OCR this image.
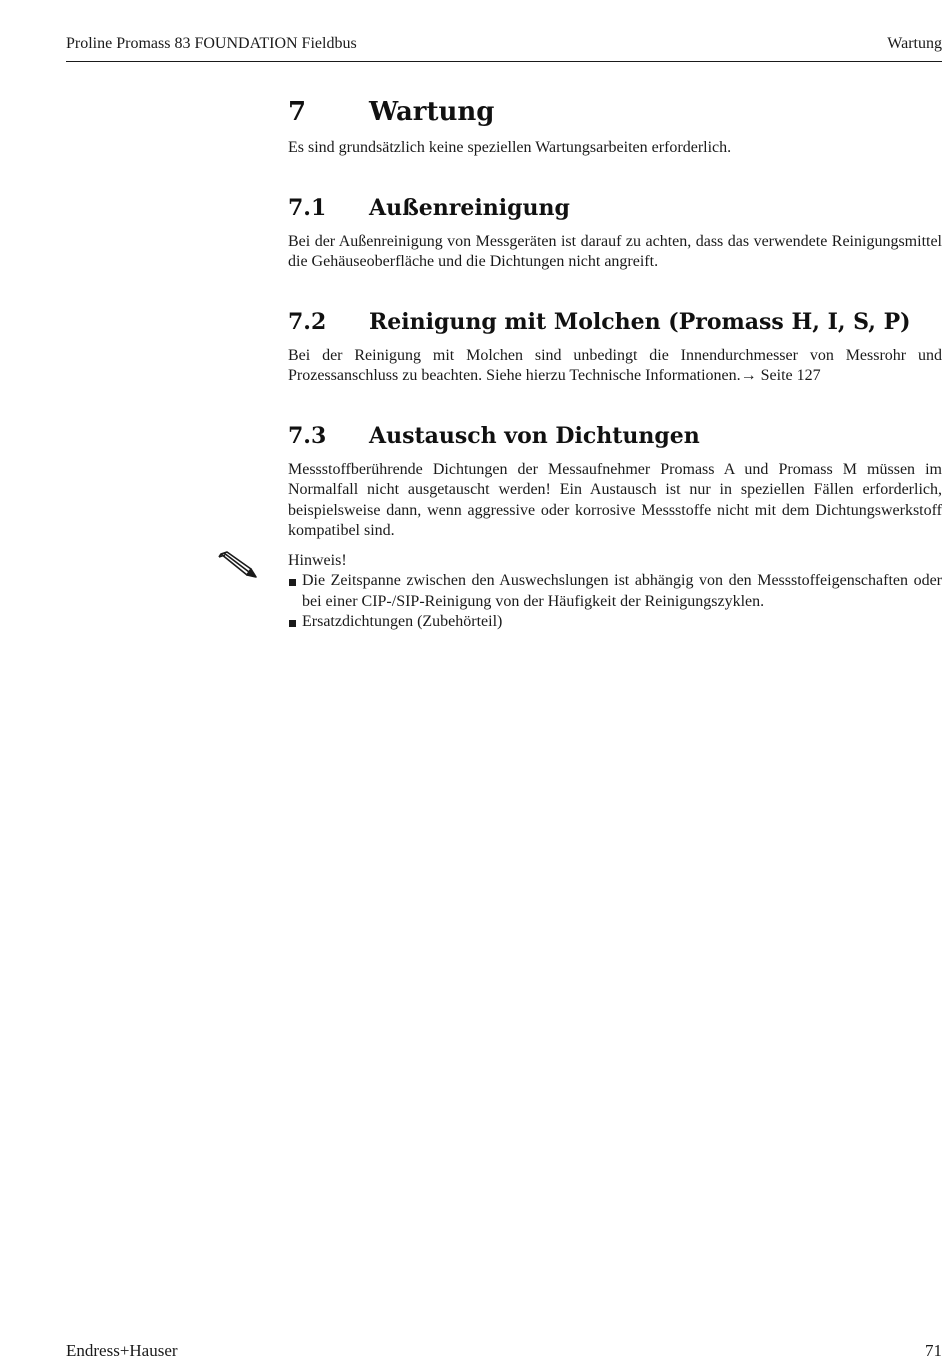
Proline Promass 83 FOUNDATION Fieldbus	Wartung
7	Wartung

Es sind grundsätzlich keine speziellen Wartungsarbeiten erforderlich.

7.1	Außenreinigung

Bei der Außenreinigung von Messgeräten ist darauf zu achten, dass das verwendete Reinigungsmittel die Gehäuseoberfläche und die Dichtungen nicht angreift.

7.2	Reinigung mit Molchen (Promass H, I, S, P)

Bei der Reinigung mit Molchen sind unbedingt die Innendurchmesser von Messrohr und Prozessanschluss zu beachten. Siehe hierzu Technische Informationen.→ Seite 127

7.3	Austausch von Dichtungen

Messstoffberührende Dichtungen der Messaufnehmer Promass A und Promass M müssen im Normalfall nicht ausgetauscht werden! Ein Austausch ist nur in speziellen Fällen erforderlich, beispielsweise dann, wenn aggressive oder korrosive Messstoffe nicht mit dem Dichtungswerkstoff kompatibel sind.

Hinweis!
Die Zeitspanne zwischen den Auswechslungen ist abhängig von den Messstoffeigenschaften oder bei einer CIP-/SIP-Reinigung von der Häufigkeit der Reinigungszyklen.
Ersatzdichtungen (Zubehörteil)
Endress+Hauser	71
